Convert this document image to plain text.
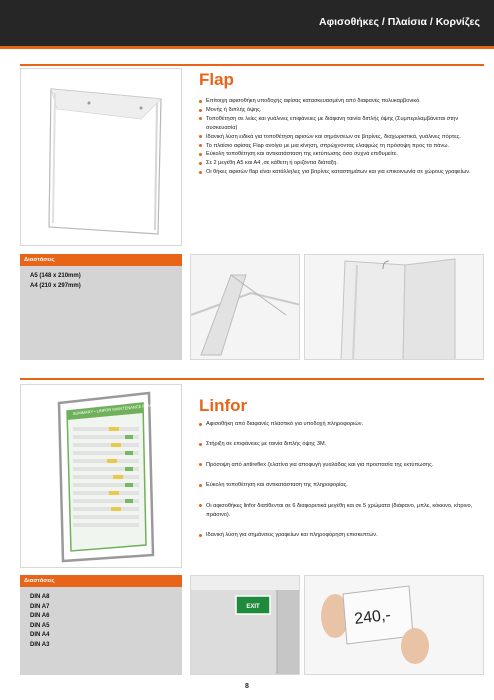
Αφισοθήκες / Πλαίσια / Κορνίζες
Flap
Επίτοιχη αφισοθήκη υποδοχής αφίσας κατασκευασμένη από διαφανές πολυκαρβονικό.
Μονής ή διπλής όψης.
Τοποθέτηση σε λείες και γυάλινες επιφάνειες με διάφανη ταινία διπλής όψης (Συμπεριλαμβάνεται στην συσκευασία)
Ιδανική λύση ειδικά για τοποθέτηση αφισών και σημάνσεων σε βιτρίνες, διαχωριστικά, γυάλινες πόρτες.
Το πλαίσιο αφίσας Flap ανοίγει με μια κίνηση, σπρώχνοντας ελαφρώς τη πρόσοψη προς τα πάνω.
Εύκολη τοποθέτηση και αντικατάσταση της εκτύπωσης όσο συχνά επιθυμείτε.
Σε 2 μεγέθη Α5 και Α4 ,σε κάθετη ή οριζόντια διάταξη.
Οι θήκες αφισών flap είναι κατάλληλες για βιτρίνες καταστημάτων και για επικοινωνία σε χώρους γραφείων.
Διαστάσεις
A5 (148 x 210mm)
A4 (210 x 297mm)
SUMMARY • LINFOR MAINTENANCE PLAN	Linfor
Αφισοθήκη από διαφανές πλαστικό για υποδοχή πληροφοριών.
Στήριξη σε επιφάνειες με ταινία διπλής όψης 3Μ.
Πρόσοψη από antireflex ζελατίνα για αποφυγή γυαλάδας και για προστασία της εκτύπωσης.
Εύκολη τοποθέτηση και αντικατάσταση της πληροφορίας.
Οι αφισοθήκες linfor διατίθενται σε 6 διαφορετικά μεγέθη και σε 5 χρώματα (διάφανο, μπλε, κόκκινο, κίτρινο, πράσινο).
Ιδανική λύση για σημάνσεις γραφείων και πληροφόρηση επισκεπτών.
Διαστάσεις
DIN A8
DIN A7
DIN A6
DIN A5
DIN A4
DIN A3
EXIT	240,-
8
